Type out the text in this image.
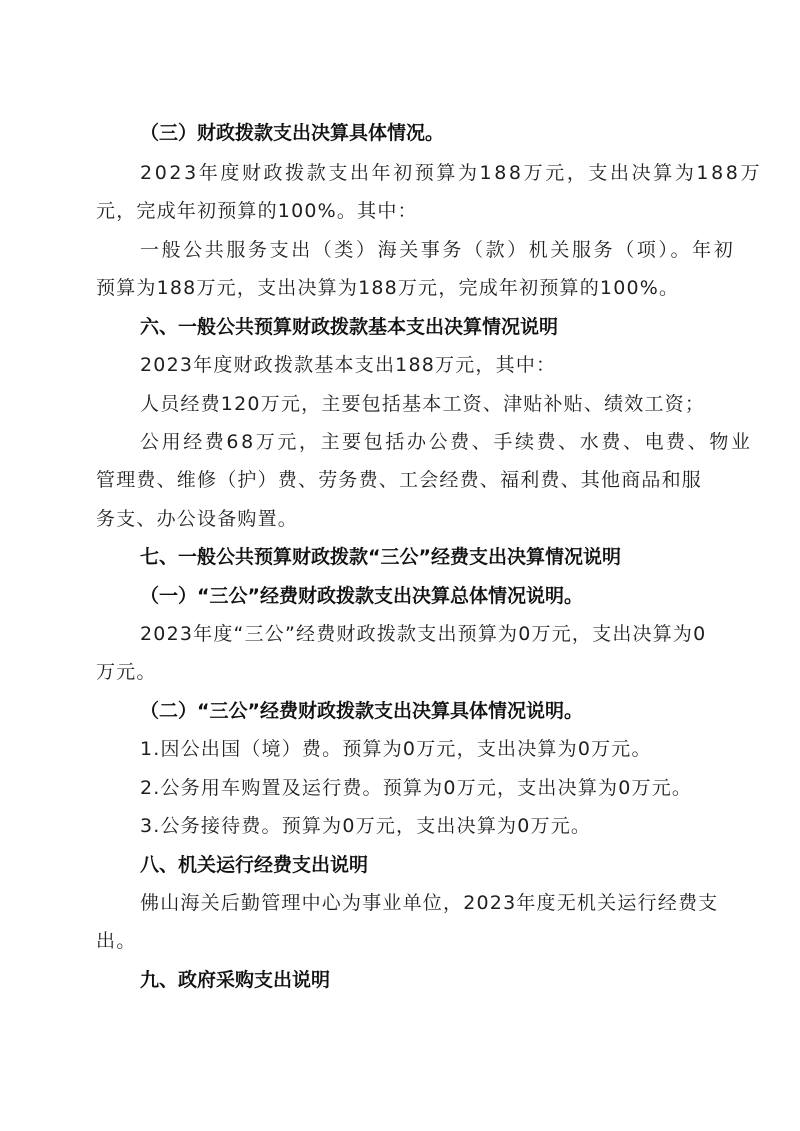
（三）财政拨款支出决算具体情况。
2023年度财政拨款支出年初预算为188万元，支出决算为188万
元，完成年初预算的100%。其中：
一般公共服务支出（类）海关事务（款）机关服务（项）。年初
预算为188万元，支出决算为188万元，完成年初预算的100%。
六、一般公共预算财政拨款基本支出决算情况说明
2023年度财政拨款基本支出188万元，其中：
人员经费120万元，主要包括基本工资、津贴补贴、绩效工资；
公用经费68万元，主要包括办公费、手续费、水费、电费、物业
管理费、维修（护）费、劳务费、工会经费、福利费、其他商品和服
务支、办公设备购置。
七、一般公共预算财政拨款“三公”经费支出决算情况说明
（一）“三公”经费财政拨款支出决算总体情况说明。
2023年度“三公”经费财政拨款支出预算为0万元，支出决算为0
万元。
（二）“三公”经费财政拨款支出决算具体情况说明。
1.因公出国（境）费。预算为0万元，支出决算为0万元。
2.公务用车购置及运行费。预算为0万元，支出决算为0万元。
3.公务接待费。预算为0万元，支出决算为0万元。
八、机关运行经费支出说明
佛山海关后勤管理中心为事业单位，2023年度无机关运行经费支
出。
九、政府采购支出说明
